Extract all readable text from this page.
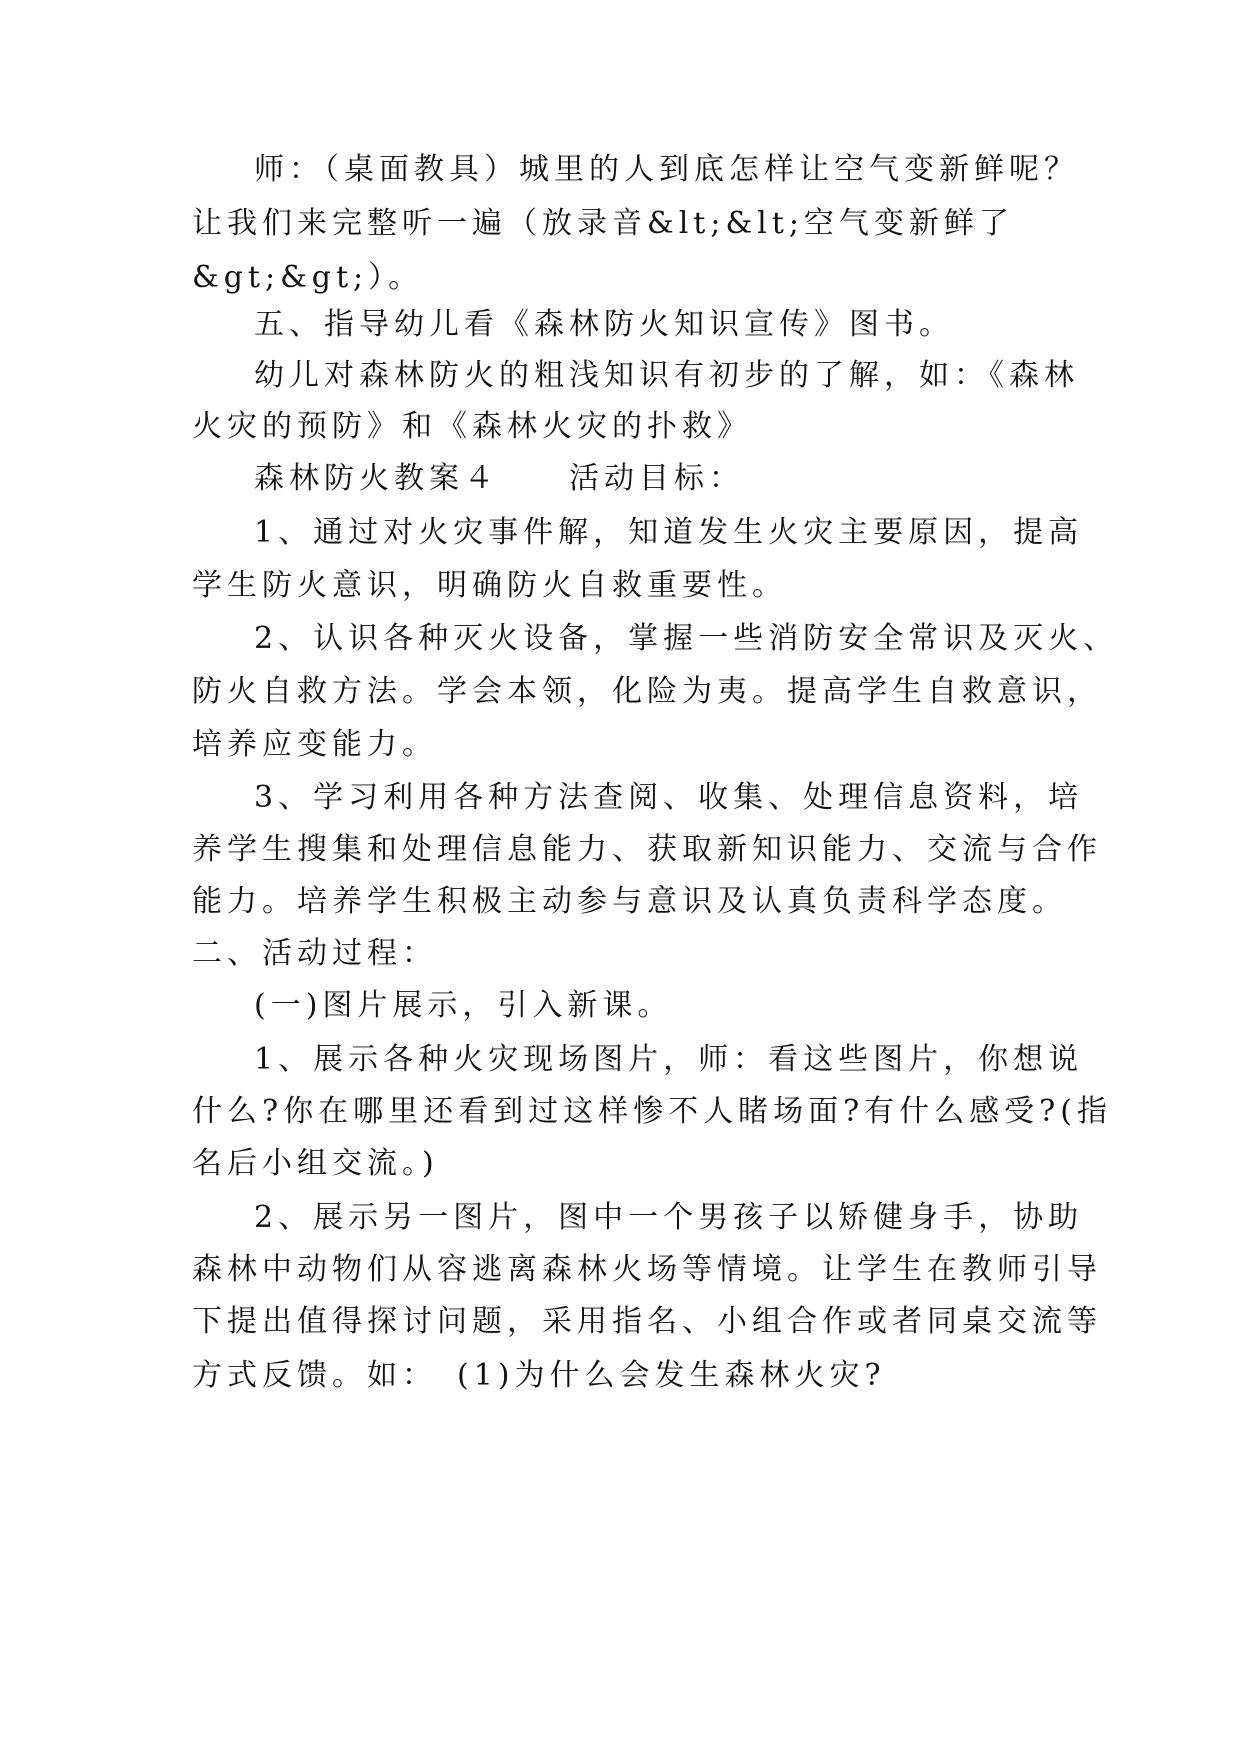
师：（桌面教具）城里的人到底怎样让空气变新鲜呢？
让我们来完整听一遍（放录音&lt;&lt;空气变新鲜了
&gt;&gt;）。
五、指导幼儿看《森林防火知识宣传》图书。
幼儿对森林防火的粗浅知识有初步的了解，如：《森林
火灾的预防》和《森林火灾的扑救》
森林防火教案４　　活动目标：
1、通过对火灾事件解，知道发生火灾主要原因，提高
学生防火意识，明确防火自救重要性。
2、认识各种灭火设备，掌握一些消防安全常识及灭火、
防火自救方法。学会本领，化险为夷。提高学生自救意识，
培养应变能力。
3、学习利用各种方法查阅、收集、处理信息资料，培
养学生搜集和处理信息能力、获取新知识能力、交流与合作
能力。培养学生积极主动参与意识及认真负责科学态度。
二、活动过程：
(一)图片展示，引入新课。
1、展示各种火灾现场图片，师：看这些图片，你想说
什么?你在哪里还看到过这样惨不人睹场面?有什么感受?(指
名后小组交流。)
2、展示另一图片，图中一个男孩子以矫健身手，协助
森林中动物们从容逃离森林火场等情境。让学生在教师引导
下提出值得探讨问题，采用指名、小组合作或者同桌交流等
方式反馈。如：　(1)为什么会发生森林火灾?
